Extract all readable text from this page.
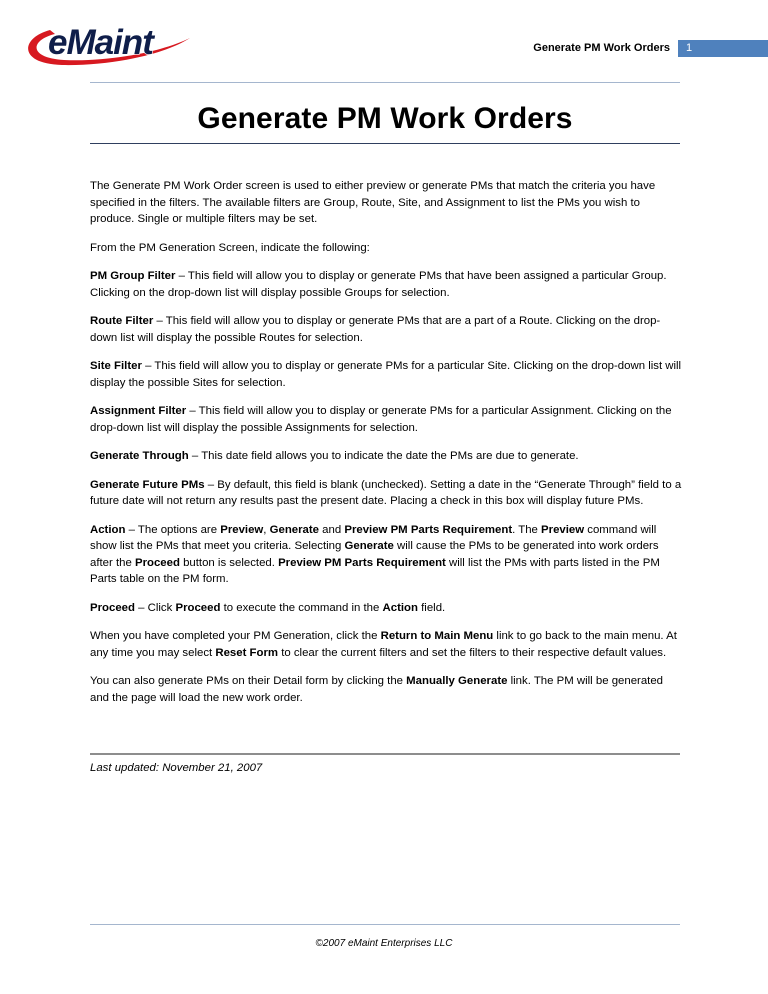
eMaint	Generate PM Work Orders	1
Generate PM Work Orders

The Generate PM Work Order screen is used to either preview or generate PMs that match the criteria you have specified in the filters. The available filters are Group, Route, Site, and Assignment to list the PMs you wish to produce. Single or multiple filters may be set.

From the PM Generation Screen, indicate the following:

PM Group Filter – This field will allow you to display or generate PMs that have been assigned a particular Group. Clicking on the drop-down list will display possible Groups for selection.

Route Filter – This field will allow you to display or generate PMs that are a part of a Route. Clicking on the drop-down list will display the possible Routes for selection.

Site Filter – This field will allow you to display or generate PMs for a particular Site. Clicking on the drop-down list will display the possible Sites for selection.

Assignment Filter – This field will allow you to display or generate PMs for a particular Assignment. Clicking on the drop-down list will display the possible Assignments for selection.

Generate Through – This date field allows you to indicate the date the PMs are due to generate.

Generate Future PMs – By default, this field is blank (unchecked). Setting a date in the “Generate Through” field to a future date will not return any results past the present date. Placing a check in this box will display future PMs.

Action – The options are Preview, Generate and Preview PM Parts Requirement. The Preview command will show list the PMs that meet you criteria. Selecting Generate will cause the PMs to be generated into work orders after the Proceed button is selected. Preview PM Parts Requirement will list the PMs with parts listed in the PM Parts table on the PM form.

Proceed – Click Proceed to execute the command in the Action field.

When you have completed your PM Generation, click the Return to Main Menu link to go back to the main menu. At any time you may select Reset Form to clear the current filters and set the filters to their respective default values.

You can also generate PMs on their Detail form by clicking the Manually Generate link. The PM will be generated and the page will load the new work order.

Last updated: November 21, 2007
©2007 eMaint Enterprises LLC
